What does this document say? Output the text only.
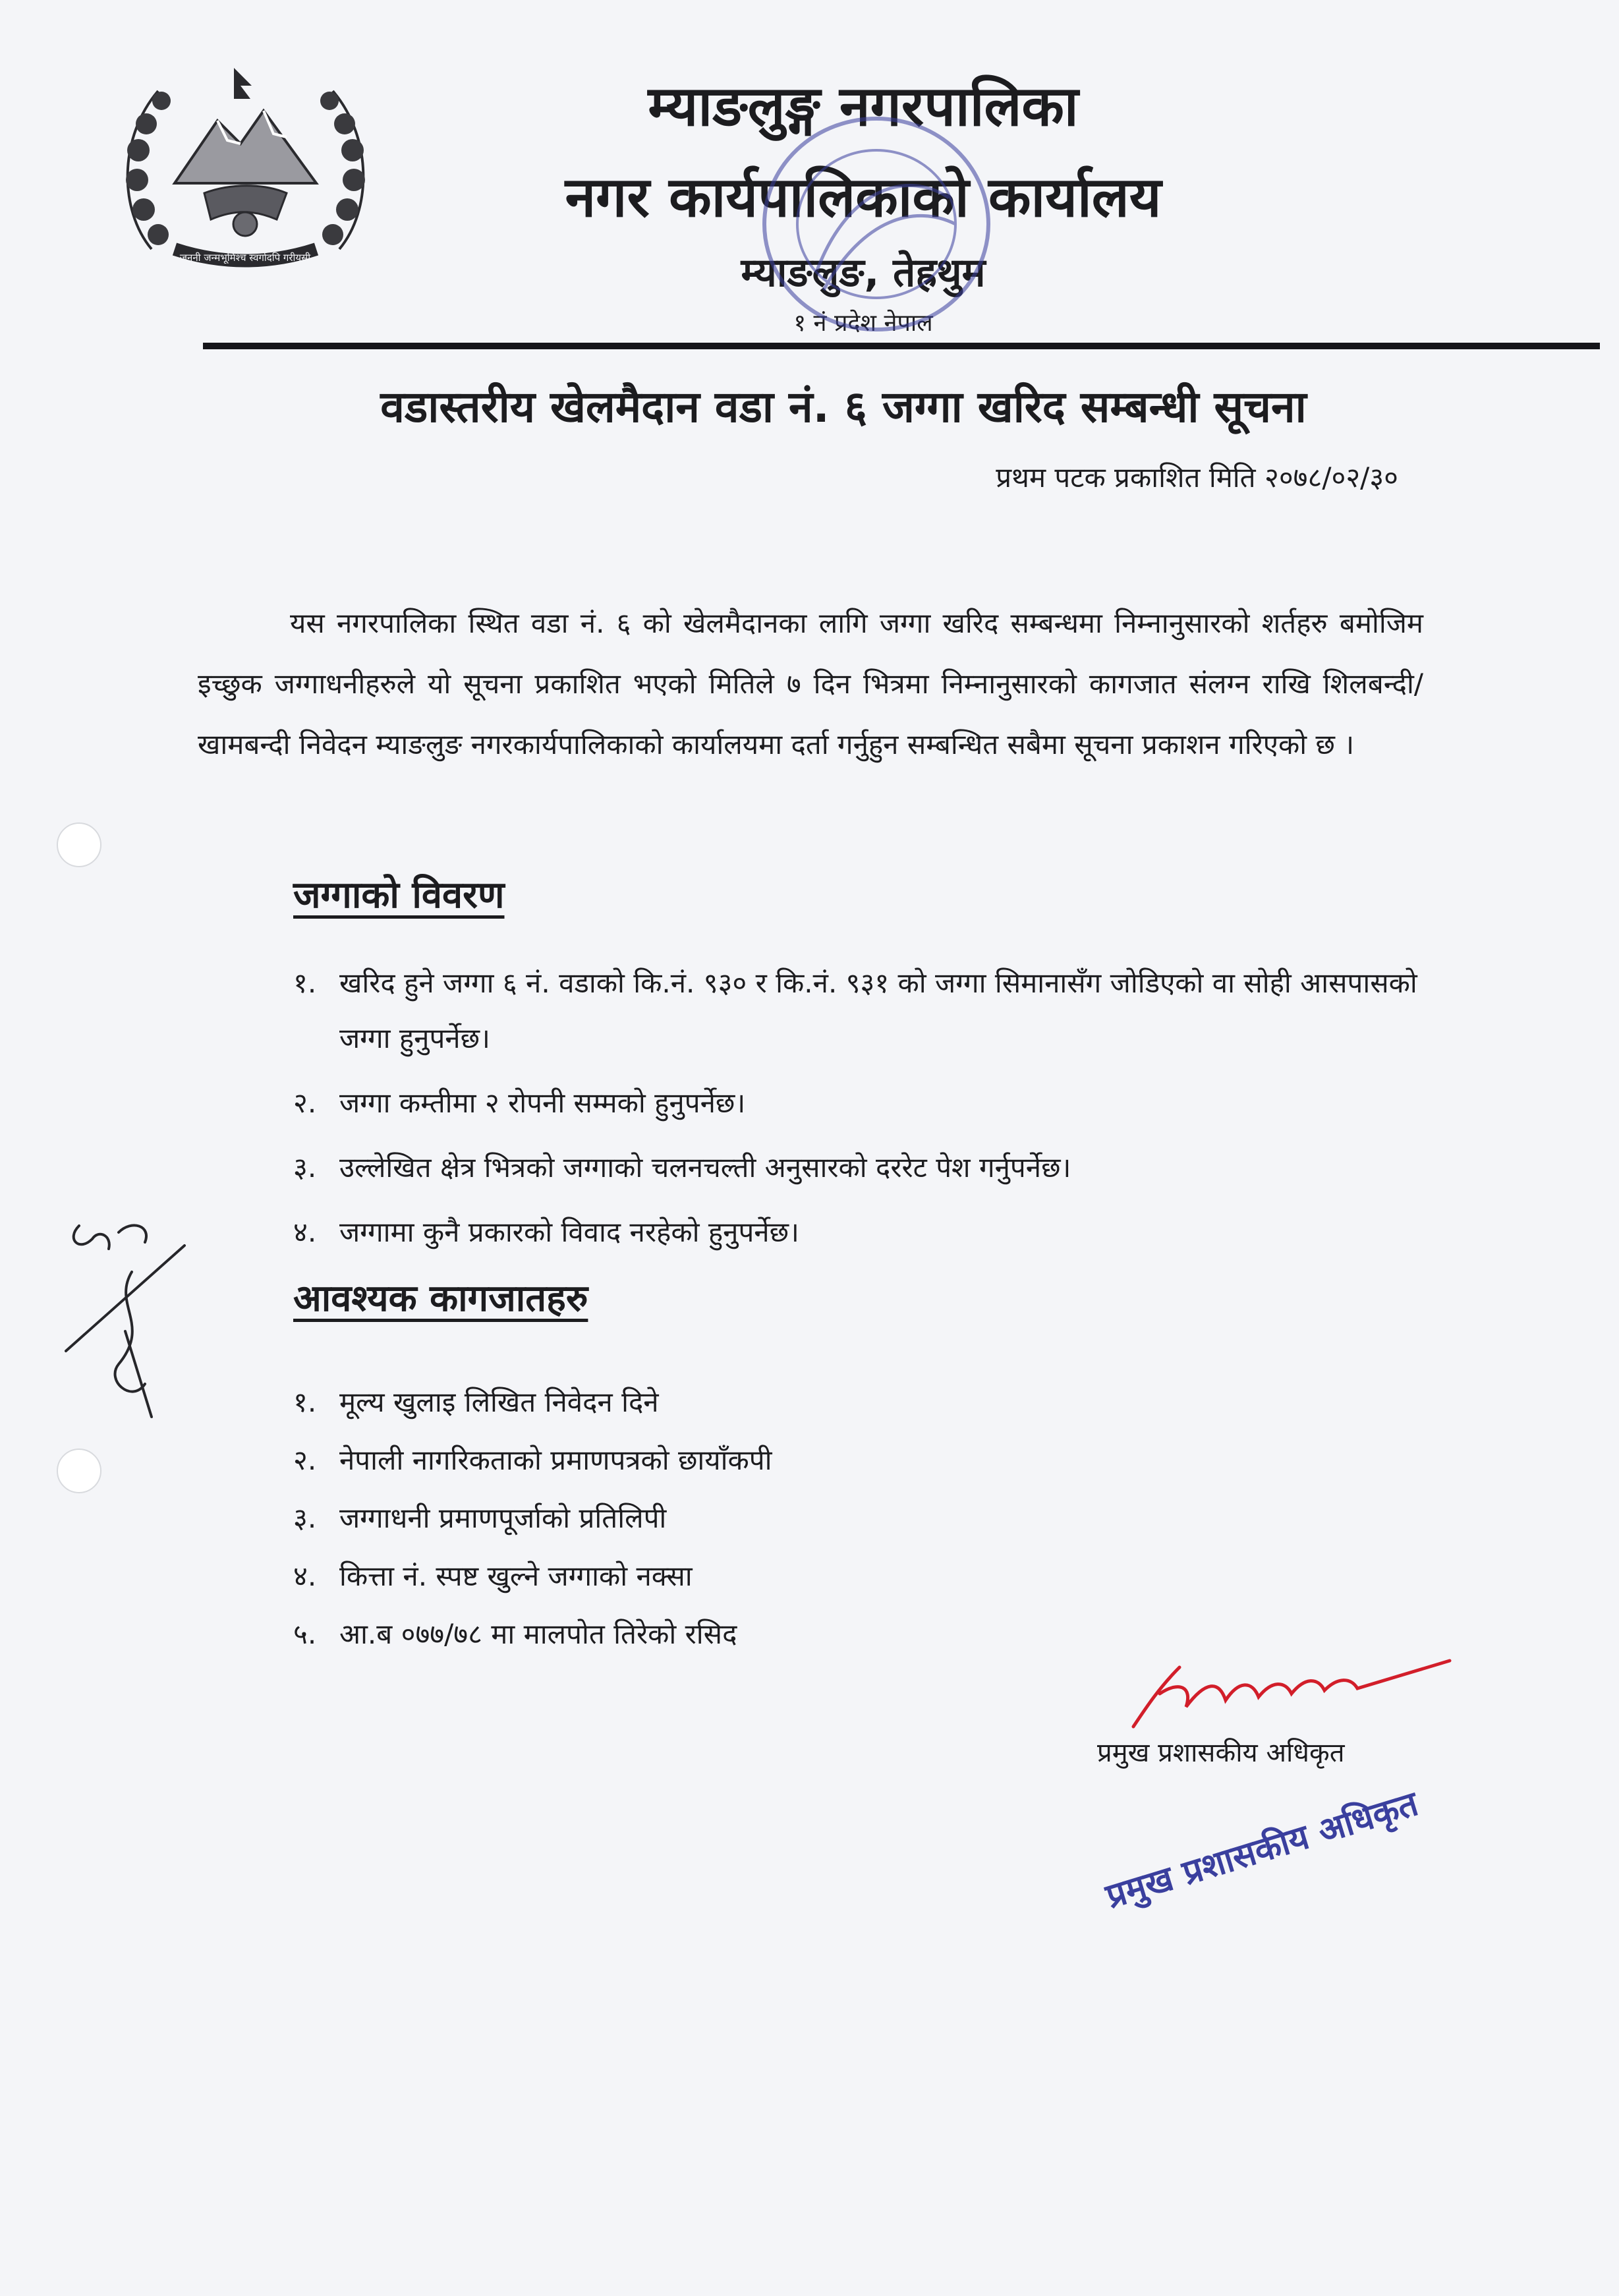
जननी जन्मभूमिश्च स्वर्गादपि गरीयसी
म्याङलुङ्ग नगरपालिका
नगर कार्यपालिकाको कार्यालय
म्याङलुङ, तेह्रथुम
१ नं प्रदेश नेपाल
वडास्तरीय खेलमैदान वडा नं. ६ जग्गा खरिद सम्बन्धी सूचना
प्रथम पटक प्रकाशित मिति २०७८/०२/३०

यस नगरपालिका स्थित वडा नं. ६ को खेलमैदानका लागि जग्गा खरिद सम्बन्धमा निम्नानुसारको शर्तहरु बमोजिम इच्छुक जग्गाधनीहरुले यो सूचना प्रकाशित भएको मितिले ७ दिन भित्रमा निम्नानुसारको कागजात संलग्न राखि शिलबन्दी/खामबन्दी निवेदन म्याङलुङ नगरकार्यपालिकाको कार्यालयमा दर्ता गर्नुहुन सम्बन्धित सबैमा सूचना प्रकाशन गरिएको छ ।

जग्गाको विवरण
१. खरिद हुने जग्गा ६ नं. वडाको कि.नं. ९३० र कि.नं. ९३१ को जग्गा सिमानासँग जोडिएको वा सोही आसपासको जग्गा हुनुपर्नेछ।
२. जग्गा कम्तीमा २ रोपनी सम्मको हुनुपर्नेछ।
३. उल्लेखित क्षेत्र भित्रको जग्गाको चलनचल्ती अनुसारको दररेट पेश गर्नुपर्नेछ।
४. जग्गामा कुनै प्रकारको विवाद नरहेको हुनुपर्नेछ।
आवश्यक कागजातहरु
१. मूल्य खुलाइ लिखित निवेदन दिने
२. नेपाली नागरिकताको प्रमाणपत्रको छायाँकपी
३. जग्गाधनी प्रमाणपूर्जाको प्रतिलिपी
४. कित्ता नं. स्पष्ट खुल्ने जग्गाको नक्सा
५. आ.ब ०७७/७८ मा मालपोत तिरेको रसिद
प्रमुख प्रशासकीय अधिकृत
प्रमुख प्रशासकीय अधिकृत
